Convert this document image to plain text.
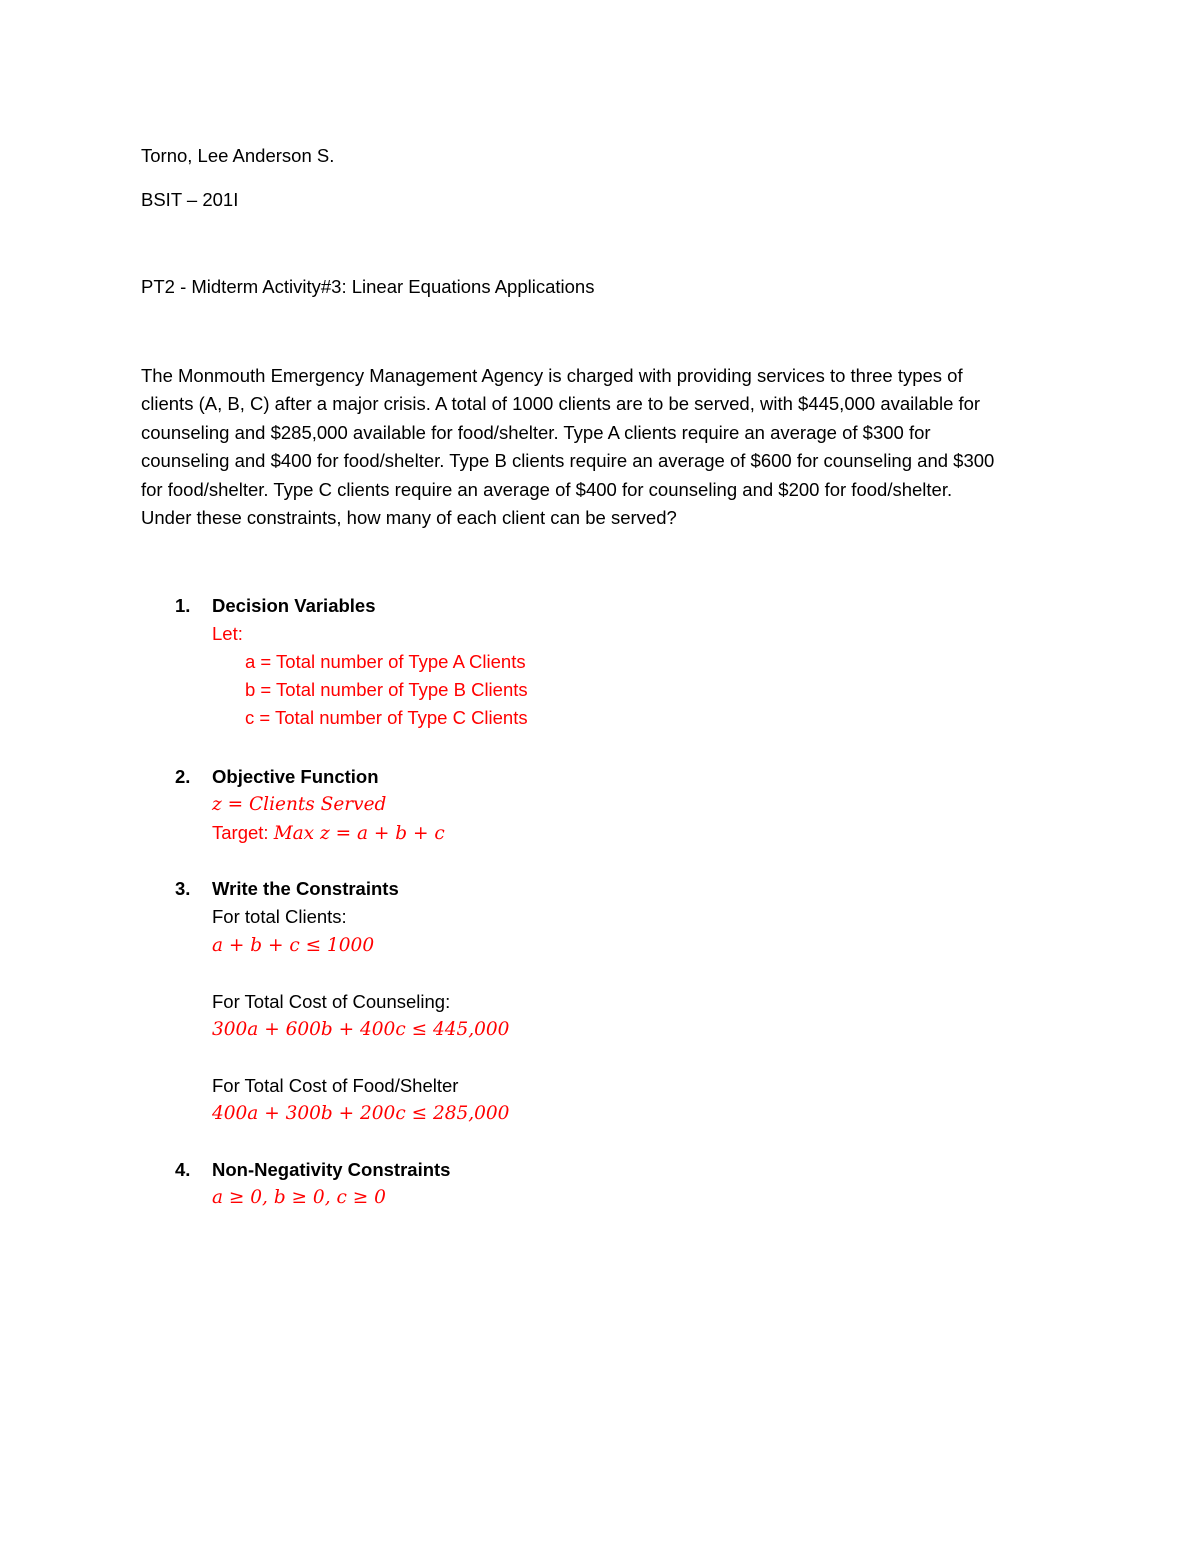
Torno, Lee Anderson S.
BSIT – 201I
PT2 - Midterm Activity#3: Linear Equations Applications
The Monmouth Emergency Management Agency is charged with providing services to three types of
clients (A, B, C) after a major crisis. A total of 1000 clients are to be served, with $445,000 available for
counseling and $285,000 available for food/shelter. Type A clients require an average of $300 for
counseling and $400 for food/shelter. Type B clients require an average of $600 for counseling and $300
for food/shelter. Type C clients require an average of $400 for counseling and $200 for food/shelter.
Under these constraints, how many of each client can be served?
1. Decision Variables
Let:
a = Total number of Type A Clients
b = Total number of Type B Clients
c = Total number of Type C Clients
2. Objective Function
z = Clients Served
Target: Max z = a + b + c
3. Write the Constraints
For total Clients:
a + b + c ≤ 1000
For Total Cost of Counseling:
300a + 600b + 400c ≤ 445,000
For Total Cost of Food/Shelter
400a + 300b + 200c ≤ 285,000
4. Non-Negativity Constraints
a ≥ 0, b ≥ 0, c ≥ 0
